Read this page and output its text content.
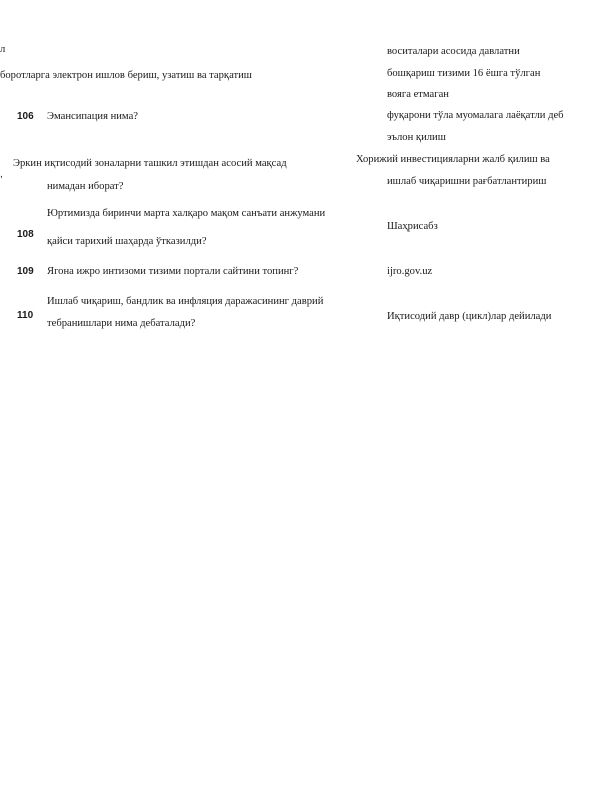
л
боротларга электрон ишлов бериш, узатиш ва тарқатиш
воситалари асосида давлатни
бошқариш тизими 16 ёшга тўлган
вояга етмаган
106 Эмансипация нима?	фуқарони тўла муомалага лаёқатли деб
эълон қилиш
,
Эркин иқтисодий зоналарни ташкил этишдан асосий мақсад
нимадан иборат?
Хорижий инвестицияларни жалб қилиш ва
ишлаб чиқаришни рағбатлантириш
108
Юртимизда биринчи марта халқаро мақом санъати анжумани
қайси тарихий шаҳарда ўтказилди?
Шаҳрисабз
109 Ягона ижро интизоми тизими портали сайтини топинг?	ijro.gov.uz
110
Ишлаб чиқариш, бандлик ва инфляция даражасининг даврий
тебранишлари нима дебаталади?
Иқтисодий давр (цикл)лар дейилади
